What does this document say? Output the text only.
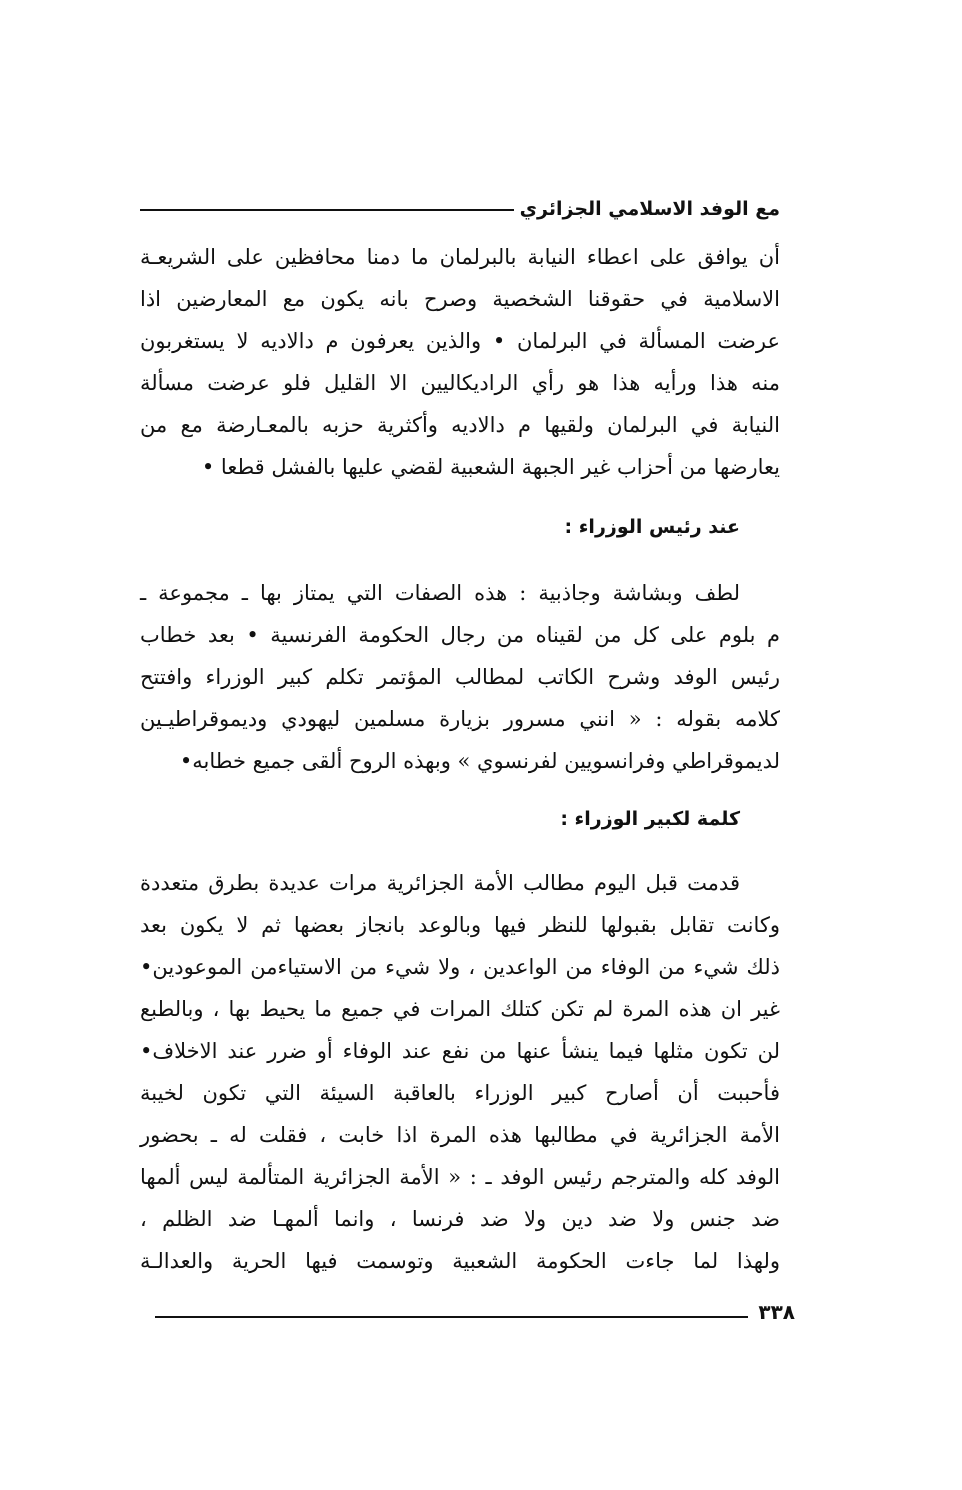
مع الوفد الاسلامي الجزائري
أن يوافق على اعطاء النيابة بالبرلمان ما دمنا محافظين على الشريعـة
الاسلامية في حقوقنا الشخصية وصرح بانه يكون مع المعارضين اذا
عرضت المسألة في البرلمان • والذين يعرفون م دالاديه لا يستغربون
منه هذا ورأيه هذا هو رأي الراديكاليين الا القليل فلو عرضت مسألة
النيابة في البرلمان ولقيها م دالاديه وأكثرية حزبه بالمعـارضة مع من
يعارضها من أحزاب غير الجبهة الشعبية لقضي عليها بالفشل قطعا •
عند رئيس الوزراء :
لطف وبشاشة وجاذبية : هذه الصفات التي يمتاز بها ـ مجموعة ـ
م بلوم على كل من لقيناه من رجال الحكومة الفرنسية • بعد خطاب
رئيس الوفد وشرح الكاتب لمطالب المؤتمر تكلم كبير الوزراء وافتتح
كلامه بقوله : « انني مسرور بزيارة مسلمين ليهودي وديموقراطيـين
لديموقراطي وفرانسويين لفرنسوي » وبهذه الروح ألقى جميع خطابه•
كلمة لكبير الوزراء :
قدمت قبل اليوم مطالب الأمة الجزائرية مرات عديدة بطرق متعددة
وكانت تقابل بقبولها للنظر فيها وبالوعد بانجاز بعضها ثم لا يكون بعد
ذلك شيء من الوفاء من الواعدين ، ولا شيء من الاستياءمن الموعودين•
غير ان هذه المرة لم تكن كتلك المرات في جميع ما يحيط بها ، وبالطبع
لن تكون مثلها فيما ينشأ عنها من نفع عند الوفاء أو ضرر عند الاخلاف•
فأحببت أن أصارح كبير الوزراء بالعاقبة السيئة التي تكون لخيبة
الأمة الجزائرية في مطالبها هذه المرة اذا خابت ، فقلت له ـ بحضور
الوفد كله والمترجم رئيس الوفد ـ : « الأمة الجزائرية المتألمة ليس ألمها
ضد جنس ولا ضد دين ولا ضد فرنسا ، وانما ألمهـا ضد الظلم ،
ولهذا لما جاءت الحكومة الشعبية وتوسمت فيها الحرية والعدالـة
٣٣٨
